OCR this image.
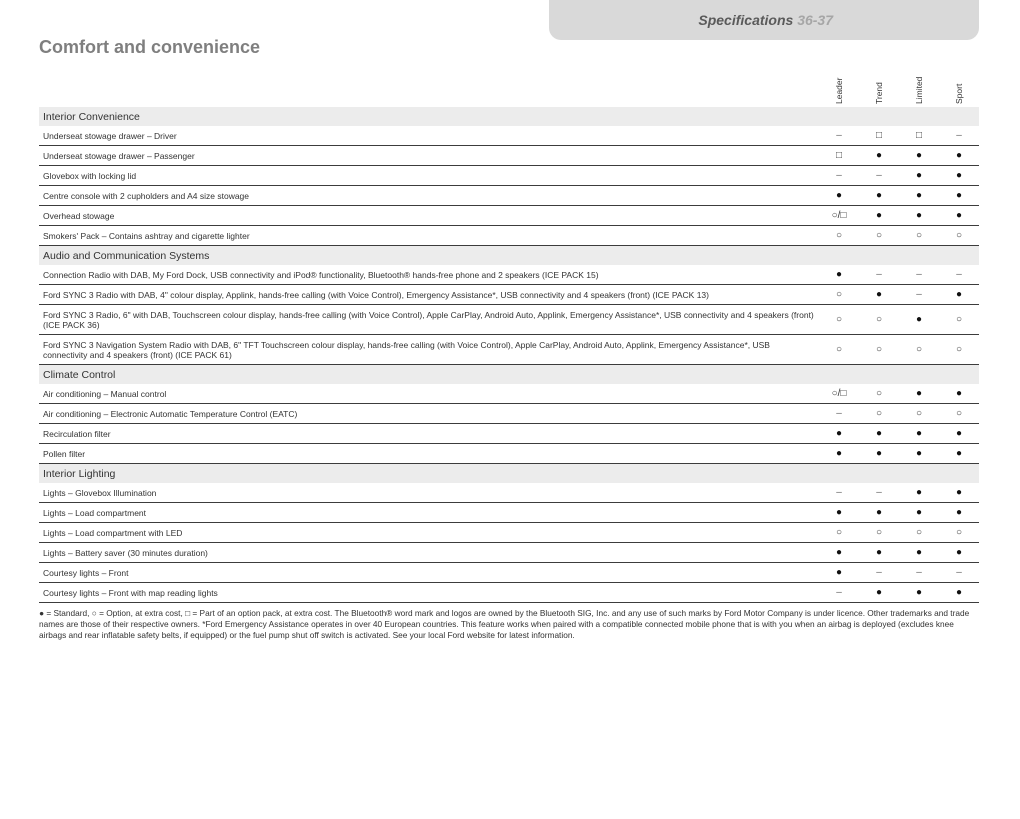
Specifications 36-37
Comfort and convenience
Leader	Trend	Limited	Sport
Interior Convenience				
Underseat stowage drawer – Driver	–	□	□	–
Underseat stowage drawer – Passenger	□	●	●	●
Glovebox with locking lid	–	–	●	●
Centre console with 2 cupholders and A4 size stowage	●	●	●	●
Overhead stowage	○/□	●	●	●
Smokers' Pack – Contains ashtray and cigarette lighter	○	○	○	○
Audio and Communication Systems				
Connection Radio with DAB, My Ford Dock, USB connectivity and iPod® functionality, Bluetooth® hands-free phone and 2 speakers (ICE PACK 15)	●	–	–	–
Ford SYNC 3 Radio with DAB, 4" colour display, Applink, hands-free calling (with Voice Control), Emergency Assistance*, USB connectivity and 4 speakers (front) (ICE PACK 13)	○	●	–	●
Ford SYNC 3 Radio, 6" with DAB, Touchscreen colour display, hands-free calling (with Voice Control), Apple CarPlay, Android Auto, Applink, Emergency Assistance*, USB connectivity and 4 speakers (front) (ICE PACK 36)	○	○	●	○
Ford SYNC 3 Navigation System Radio with DAB, 6" TFT Touchscreen colour display, hands-free calling (with Voice Control), Apple CarPlay, Android Auto, Applink, Emergency Assistance*, USB connectivity and 4 speakers (front) (ICE PACK 61)	○	○	○	○
Climate Control				
Air conditioning – Manual control	○/□	○	●	●
Air conditioning – Electronic Automatic Temperature Control (EATC)	–	○	○	○
Recirculation filter	●	●	●	●
Pollen filter	●	●	●	●
Interior Lighting				
Lights – Glovebox Illumination	–	–	●	●
Lights – Load compartment	●	●	●	●
Lights – Load compartment with LED	○	○	○	○
Lights – Battery saver (30 minutes duration)	●	●	●	●
Courtesy lights – Front	●	–	–	–
Courtesy lights – Front with map reading lights	–	●	●	●

● = Standard, ○ = Option, at extra cost, □ = Part of an option pack, at extra cost. The Bluetooth® word mark and logos are owned by the Bluetooth SIG, Inc. and any use of such marks by Ford Motor Company is under licence. Other trademarks and trade names are those of their respective owners. *Ford Emergency Assistance operates in over 40 European countries. This feature works when paired with a compatible connected mobile phone that is with you when an airbag is deployed (excludes knee airbags and rear inflatable safety belts, if equipped) or the fuel pump shut off switch is activated. See your local Ford website for latest information.
